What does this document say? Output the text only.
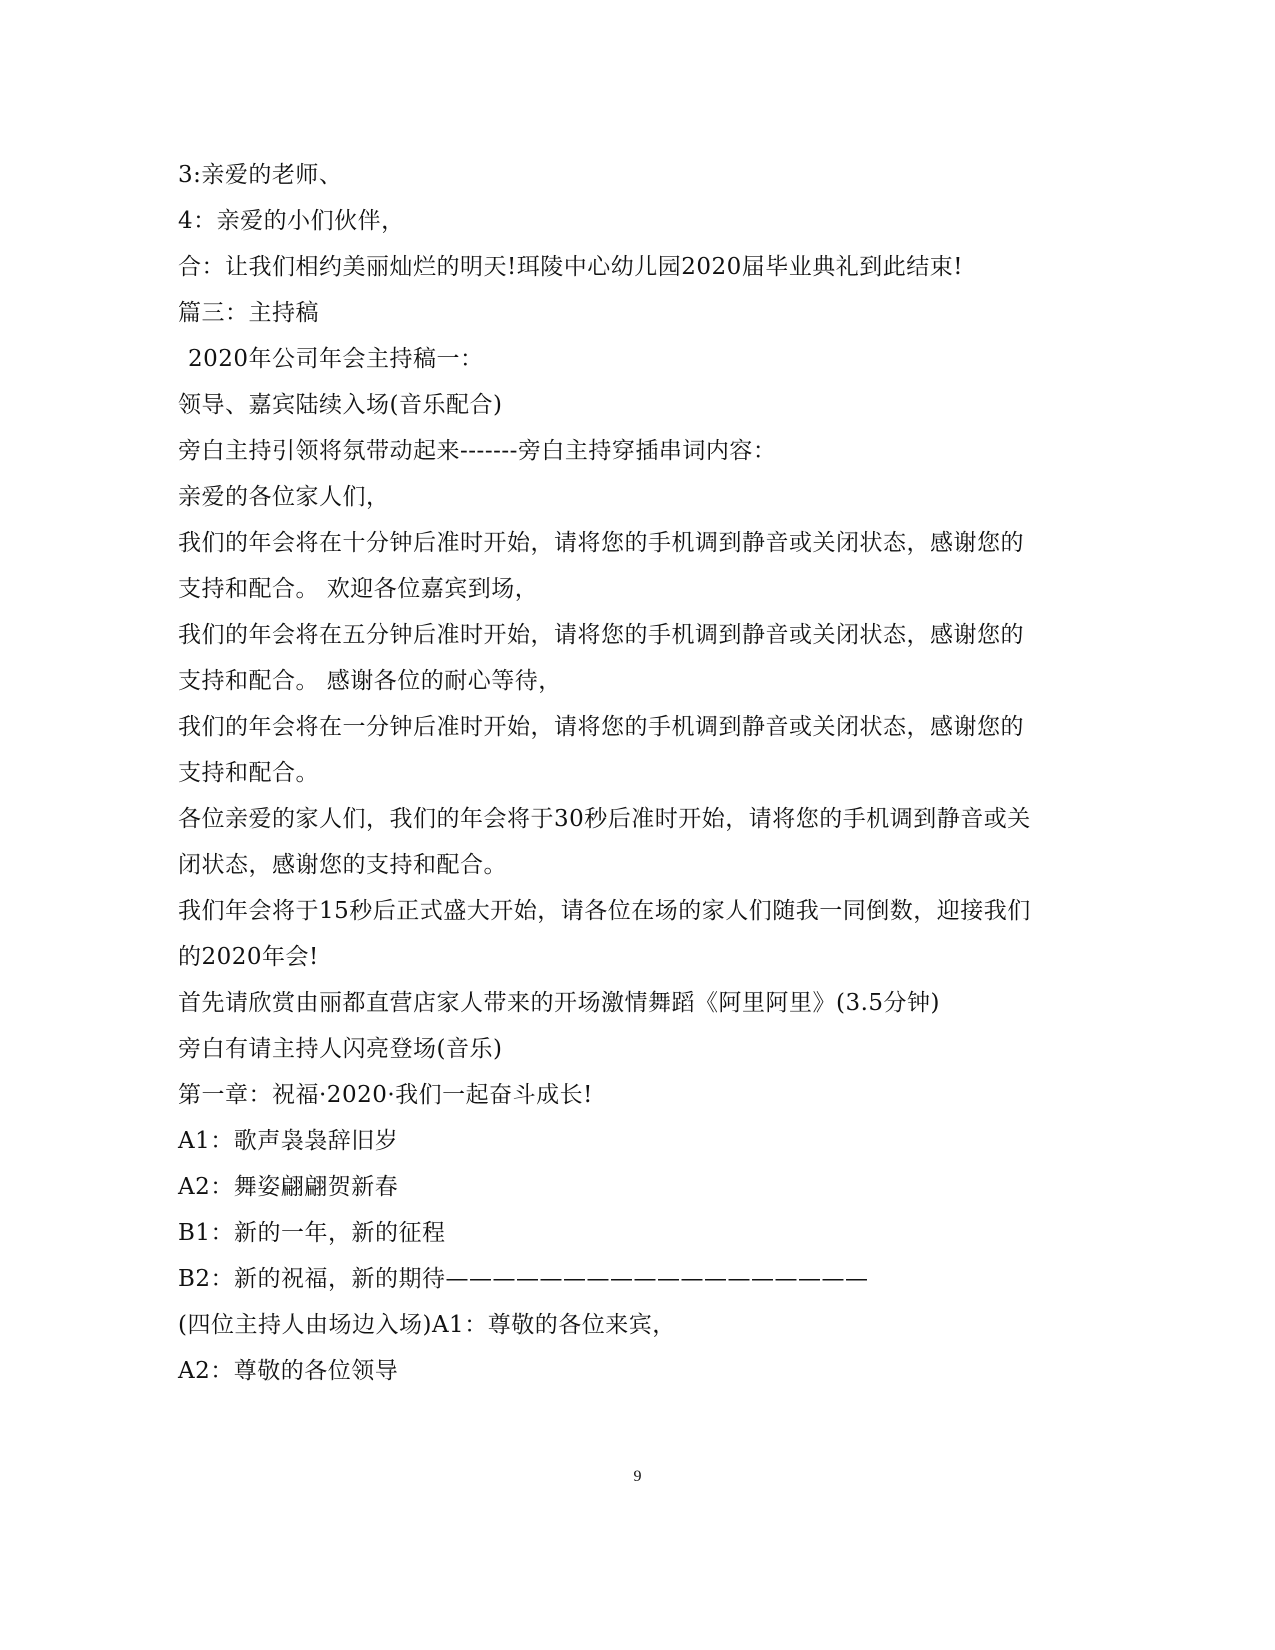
3:亲爱的老师、
4：亲爱的小们伙伴，
合：让我们相约美丽灿烂的明天!珥陵中心幼儿园2020届毕业典礼到此结束!
篇三：主持稿
2020年公司年会主持稿一：
领导、嘉宾陆续入场(音乐配合)
旁白主持引领将氛带动起来-------旁白主持穿插串词内容：
亲爱的各位家人们，
我们的年会将在十分钟后准时开始，请将您的手机调到静音或关闭状态，感谢您的
支持和配合。 欢迎各位嘉宾到场，
我们的年会将在五分钟后准时开始，请将您的手机调到静音或关闭状态，感谢您的
支持和配合。 感谢各位的耐心等待，
我们的年会将在一分钟后准时开始，请将您的手机调到静音或关闭状态，感谢您的
支持和配合。
各位亲爱的家人们，我们的年会将于30秒后准时开始，请将您的手机调到静音或关
闭状态，感谢您的支持和配合。
我们年会将于15秒后正式盛大开始，请各位在场的家人们随我一同倒数，迎接我们
的2020年会!
首先请欣赏由丽都直营店家人带来的开场激情舞蹈《阿里阿里》(3.5分钟)
旁白有请主持人闪亮登场(音乐)
第一章：祝福·2020·我们一起奋斗成长!
A1：歌声袅袅辞旧岁
A2：舞姿翩翩贺新春
B1：新的一年，新的征程
B2：新的祝福，新的期待——————————————————
(四位主持人由场边入场)A1：尊敬的各位来宾，
A2：尊敬的各位领导
9
